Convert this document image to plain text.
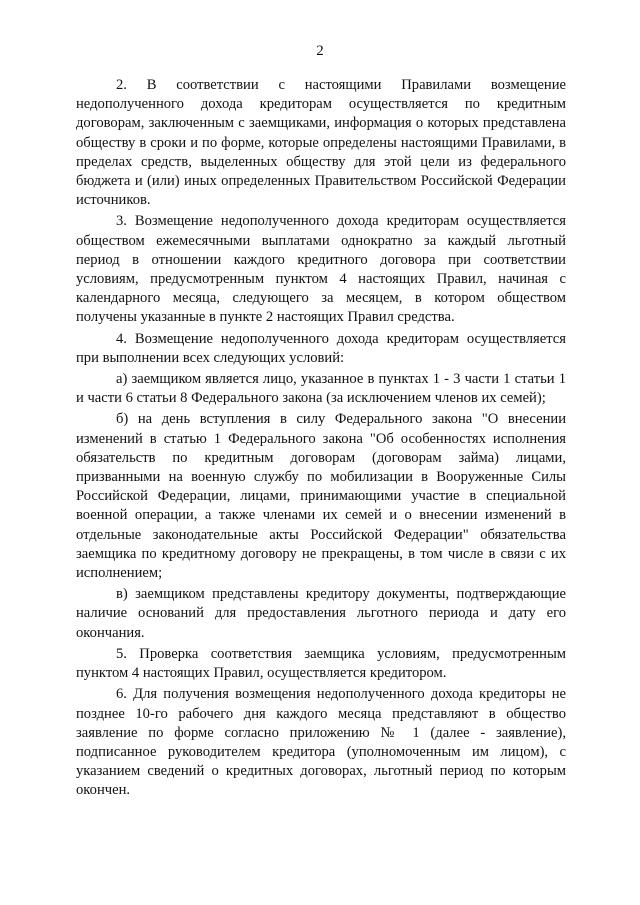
2

2. В соответствии с настоящими Правилами возмещение недополученного дохода кредиторам осуществляется по кредитным договорам, заключенным с заемщиками, информация о которых представлена обществу в сроки и по форме, которые определены настоящими Правилами, в пределах средств, выделенных обществу для этой цели из федерального бюджета и (или) иных определенных Правительством Российской Федерации источников.

3. Возмещение недополученного дохода кредиторам осуществляется обществом ежемесячными выплатами однократно за каждый льготный период в отношении каждого кредитного договора при соответствии условиям, предусмотренным пунктом 4 настоящих Правил, начиная с календарного месяца, следующего за месяцем, в котором обществом получены указанные в пункте 2 настоящих Правил средства.

4. Возмещение недополученного дохода кредиторам осуществляется при выполнении всех следующих условий:

а) заемщиком является лицо, указанное в пунктах 1 - 3 части 1 статьи 1 и части 6 статьи 8 Федерального закона (за исключением членов их семей);

б) на день вступления в силу Федерального закона "О внесении изменений в статью 1 Федерального закона "Об особенностях исполнения обязательств по кредитным договорам (договорам займа) лицами, призванными на военную службу по мобилизации в Вооруженные Силы Российской Федерации, лицами, принимающими участие в специальной военной операции, а также членами их семей и о внесении изменений в отдельные законодательные акты Российской Федерации" обязательства заемщика по кредитному договору не прекращены, в том числе в связи с их исполнением;

в) заемщиком представлены кредитору документы, подтверждающие наличие оснований для предоставления льготного периода и дату его окончания.

5. Проверка соответствия заемщика условиям, предусмотренным пунктом 4 настоящих Правил, осуществляется кредитором.

6. Для получения возмещения недополученного дохода кредиторы не позднее 10-го рабочего дня каждого месяца представляют в общество заявление по форме согласно приложению № 1 (далее - заявление), подписанное руководителем кредитора (уполномоченным им лицом), с указанием сведений о кредитных договорах, льготный период по которым окончен.
